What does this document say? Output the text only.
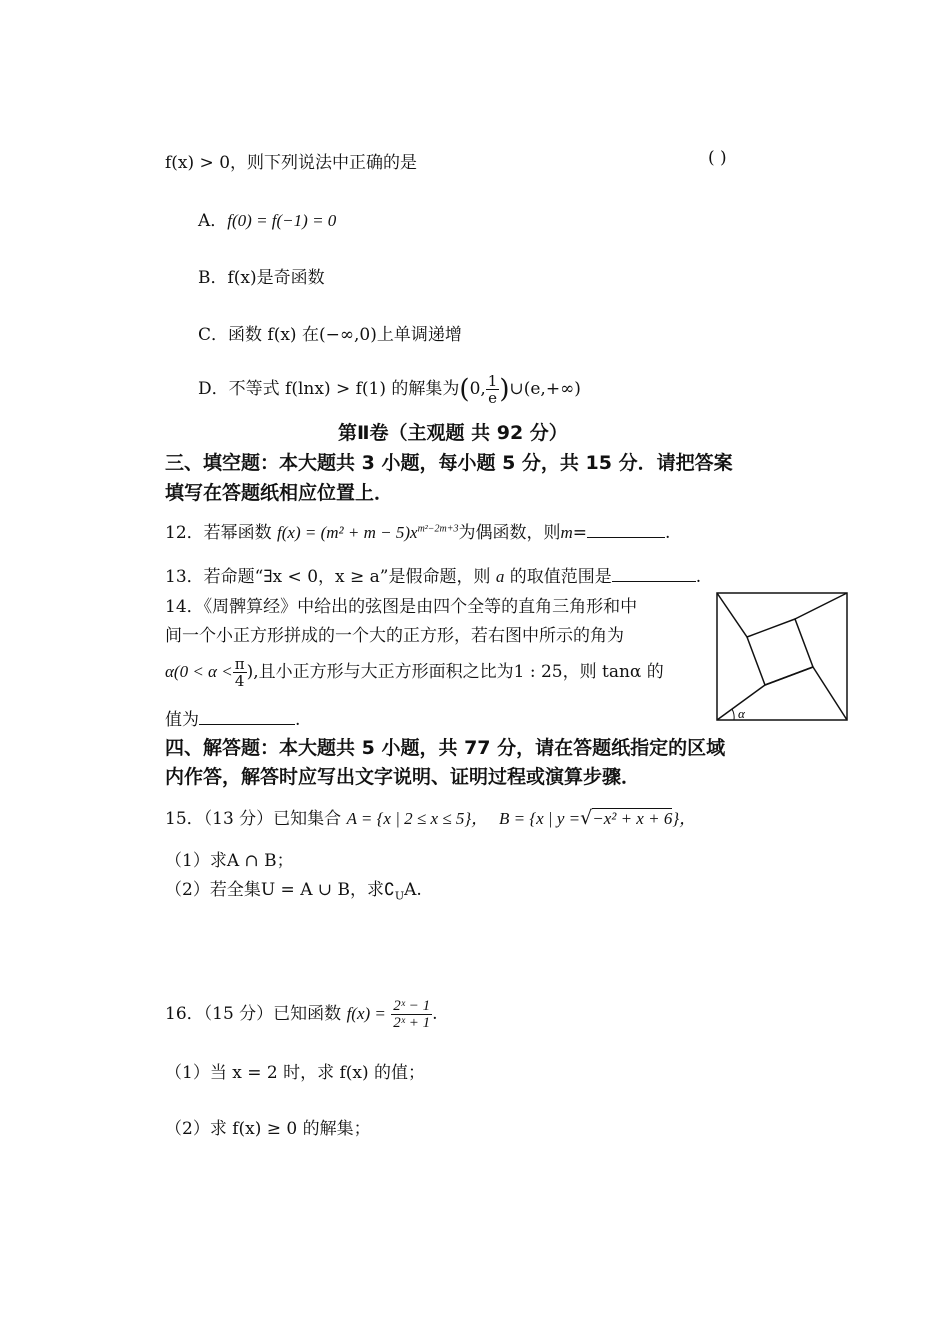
f(x) > 0，则下列说法中正确的是	( )
A．f(0) = f(−1) = 0
B．f(x)是奇函数
C．函数 f(x) 在(−∞,0)上单调递增
D．不等式 f(lnx) > f(1) 的解集为(0, $\frac{1}{e}$ )∪(e,+∞)
第Ⅱ卷（主观题 共 92 分）
三、填空题：本大题共 3 小题，每小题 5 分，共 15 分．请把答案
填写在答题纸相应位置上．
12．若幂函数 $f(x) = (m^2 + m - 5)x^{m^2-2m+3}$为偶函数，则m=	.
13．若命题“∃x < 0，x ≥ a”是假命题，则 a 的取值范围是	.
14．《周髀算经》中给出的弦图是由四个全等的直角三角形和中
间一个小正方形拼成的一个大的正方形，若右图中所示的角为
$\alpha(0 < \alpha < \frac{\pi}{4}$ ),且小正方形与大正方形面积之比为1 : 25，则 tanα 的
值为	.	α
四、解答题：本大题共 5 小题，共 77 分，请在答题纸指定的区域
内作答，解答时应写出文字说明、证明过程或演算步骤．
15．（13 分）已知集合 A = {x | 2 ≤ x ≤ 5}， B = {x | y =√−x² + x + 6}，
（1）求A ∩ B；
（2）若全集U = A ∪ B，求$∁_UA$.
16．（15 分）已知函数 $f(x) = \frac{\text{2ˣ − 1}}{\text{2ˣ + 1}}$ .
（1）当 x = 2 时，求 f(x) 的值；
（2）求 f(x) ≥ 0 的解集；
